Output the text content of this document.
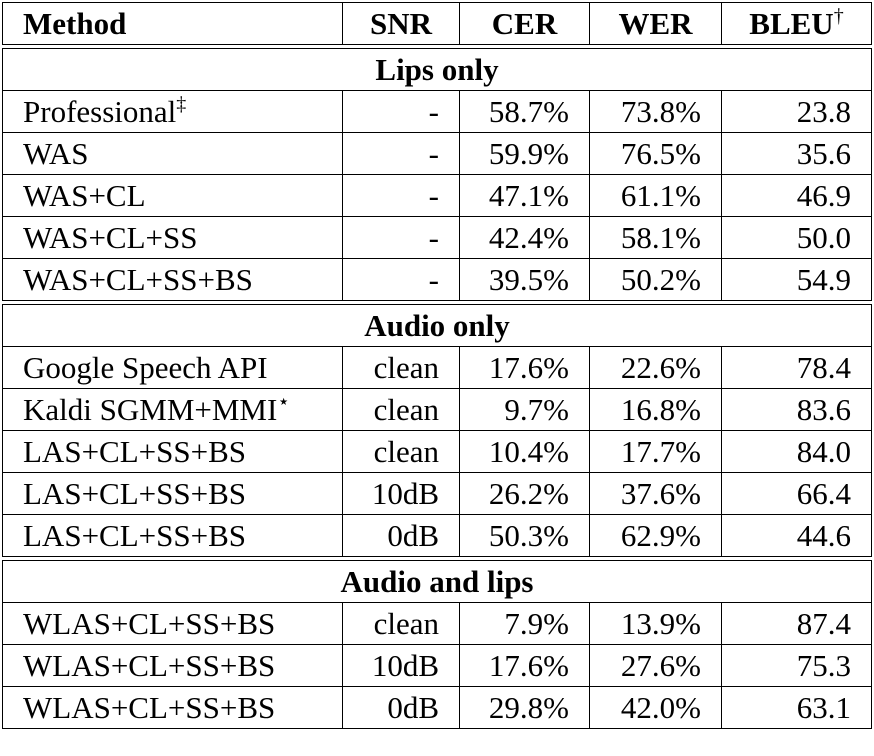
Method	SNR	CER	WER	BLEU†

Lips only				
Professional‡	-	58.7%	73.8%	23.8
WAS	-	59.9%	76.5%	35.6
WAS+CL	-	47.1%	61.1%	46.9
WAS+CL+SS	-	42.4%	58.1%	50.0
WAS+CL+SS+BS	-	39.5%	50.2%	54.9

Audio only				
Google Speech API	clean	17.6%	22.6%	78.4
Kaldi SGMM+MMI⋆	clean	9.7%	16.8%	83.6
LAS+CL+SS+BS	clean	10.4%	17.7%	84.0
LAS+CL+SS+BS	10dB	26.2%	37.6%	66.4
LAS+CL+SS+BS	0dB	50.3%	62.9%	44.6

Audio and lips				
WLAS+CL+SS+BS	clean	7.9%	13.9%	87.4
WLAS+CL+SS+BS	10dB	17.6%	27.6%	75.3
WLAS+CL+SS+BS	0dB	29.8%	42.0%	63.1
